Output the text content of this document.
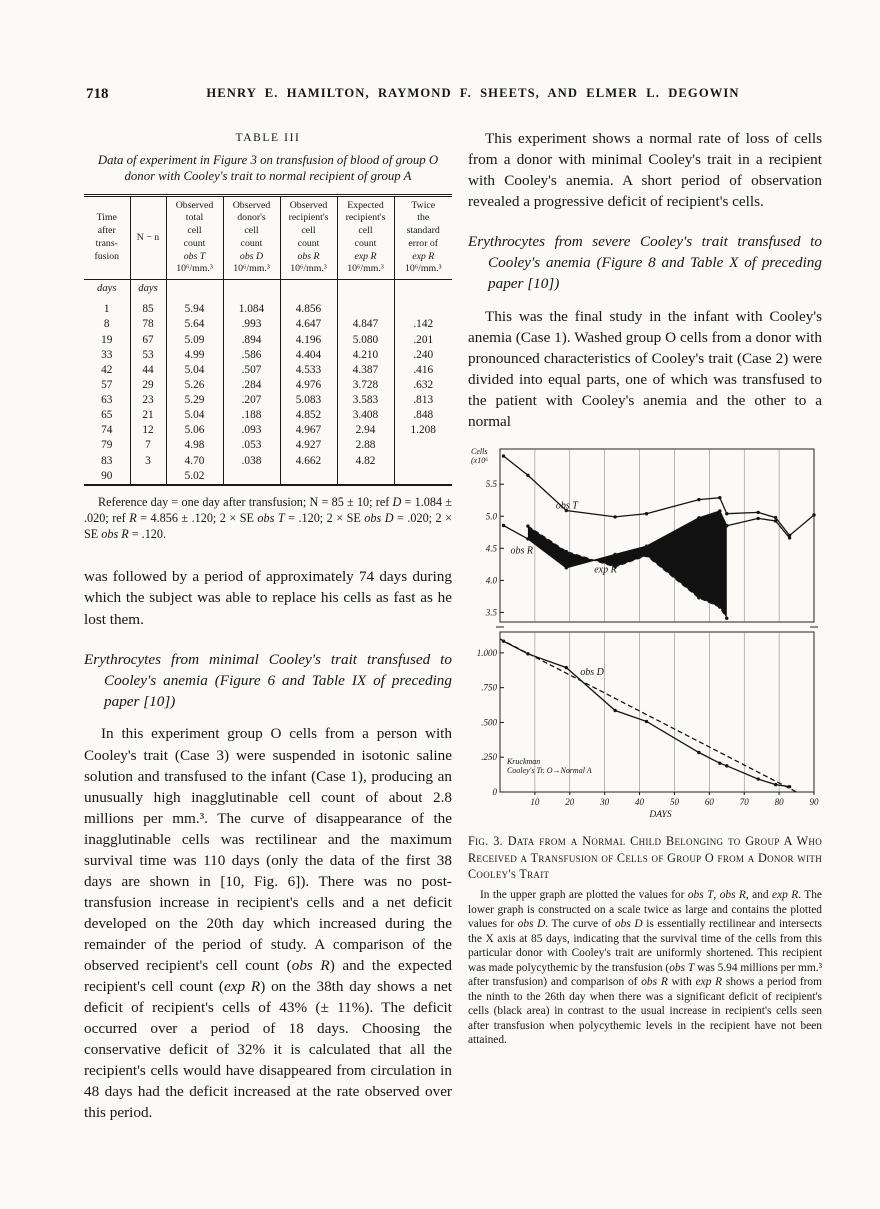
718	HENRY E. HAMILTON, RAYMOND F. SHEETS, AND ELMER L. DEGOWIN
TABLE III
Data of experiment in Figure 3 on transfusion of blood of group O donor with Cooley's trait to normal recipient of group A
Time
after
trans-
fusion	N − n	Observed
total
cell
count
obs T
10⁶/mm.³	Observed
donor's
cell
count
obs D
10⁶/mm.³	Observed
recipient's
cell
count
obs R
10⁶/mm.³	Expected
recipient's
cell
count
exp R
10⁶/mm.³	Twice
the
standard
error of
exp R
10⁶/mm.³
days	days					
1	85	5.94	1.084	4.856		
8	78	5.64	.993	4.647	4.847	.142
19	67	5.09	.894	4.196	5.080	.201
33	53	4.99	.586	4.404	4.210	.240
42	44	5.04	.507	4.533	4.387	.416
57	29	5.26	.284	4.976	3.728	.632
63	23	5.29	.207	5.083	3.583	.813
65	21	5.04	.188	4.852	3.408	.848
74	12	5.06	.093	4.967	2.94	1.208
79	7	4.98	.053	4.927	2.88	
83	3	4.70	.038	4.662	4.82	
90		5.02				

Reference day = one day after transfusion; N = 85 ± 10; ref D = 1.084 ± .020; ref R = 4.856 ± .120; 2 × SE obs T = .120; 2 × SE obs D = .020; 2 × SE obs R = .120.

was followed by a period of approximately 74 days during which the subject was able to replace his cells as fast as he lost them.

Erythrocytes from minimal Cooley's trait transfused to Cooley's anemia (Figure 6 and Table IX of preceding paper [10])

In this experiment group O cells from a person with Cooley's trait (Case 3) were suspended in isotonic saline solution and transfused to the infant (Case 1), producing an unusually high inagglutinable cell count of about 2.8 millions per mm.³. The curve of disappearance of the inagglutinable cells was rectilinear and the maximum survival time was 110 days (only the data of the first 38 days are shown in [10, Fig. 6]). There was no post-transfusion increase in recipient's cells and a net deficit developed on the 20th day which increased during the remainder of the period of study. A comparison of the observed recipient's cell count (obs R) and the expected recipient's cell count (exp R) on the 38th day shows a net deficit of recipient's cells of 43% (± 11%). The deficit occurred over a period of 18 days. Choosing the conservative deficit of 32% it is calculated that all the recipient's cells would have disappeared from circulation in 48 days had the deficit increased at the rate observed over this period.

This experiment shows a normal rate of loss of cells from a donor with minimal Cooley's trait in a recipient with Cooley's anemia. A short period of observation revealed a progressive deficit of recipient's cells.

Erythrocytes from severe Cooley's trait transfused to Cooley's anemia (Figure 8 and Table X of preceding paper [10])

This was the final study in the infant with Cooley's anemia (Case 1). Washed group O cells from a donor with pronounced characteristics of Cooley's trait (Case 2) were divided into equal parts, one of which was transfused to the patient with Cooley's anemia and the other to a normal

5.5
5.0
4.5
4.0
3.5
1.000
.750
.500
.250
0
10	20	30	40	50	60	70	80	90
DAYS
Cells
(x10⁶
obs T
obs R
exp R
obs D
Kruckman
Cooley's Tr. O→Normal A

Fig. 3. Data from a Normal Child Belonging to Group A Who Received a Transfusion of Cells of Group O from a Donor with Cooley's Trait

In the upper graph are plotted the values for obs T, obs R, and exp R. The lower graph is constructed on a scale twice as large and contains the plotted values for obs D. The curve of obs D is essentially rectilinear and intersects the X axis at 85 days, indicating that the survival time of the cells from this particular donor with Cooley's trait are uniformly shortened. This recipient was made polycythemic by the transfusion (obs T was 5.94 millions per mm.³ after transfusion) and comparison of obs R with exp R shows a period from the ninth to the 26th day when there was a significant deficit of recipient's cells (black area) in contrast to the usual increase in recipient's cells seen after transfusion when polycythemic levels in the recipient have not been attained.
